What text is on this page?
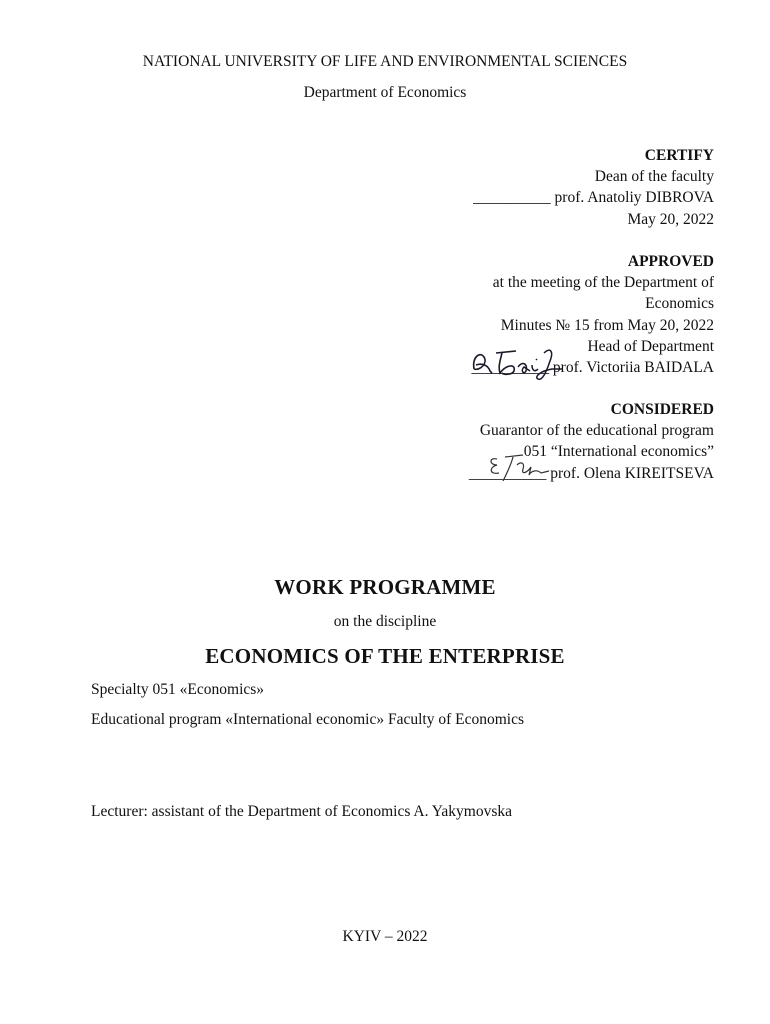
NATIONAL UNIVERSITY OF LIFE AND ENVIRONMENTAL SCIENCES
Department of Economics
CERTIFY
Dean of the faculty
__________ prof. Anatoliy DIBROVA
May 20, 2022
APPROVED
at the meeting of the Department of
Economics
Minutes № 15 from May 20, 2022
Head of Department
__________ prof. Victoriia BAIDALA
CONSIDERED
Guarantor of the educational program
051 “International economics”
__________ prof. Olena KIREITSEVA
WORK PROGRAMME
on the discipline
ECONOMICS OF THE ENTERPRISE
Specialty 051 «Economics»
Educational program «International economic» Faculty of Economics
Lecturer: assistant of the Department of Economics A. Yakymovska
KYIV – 2022
